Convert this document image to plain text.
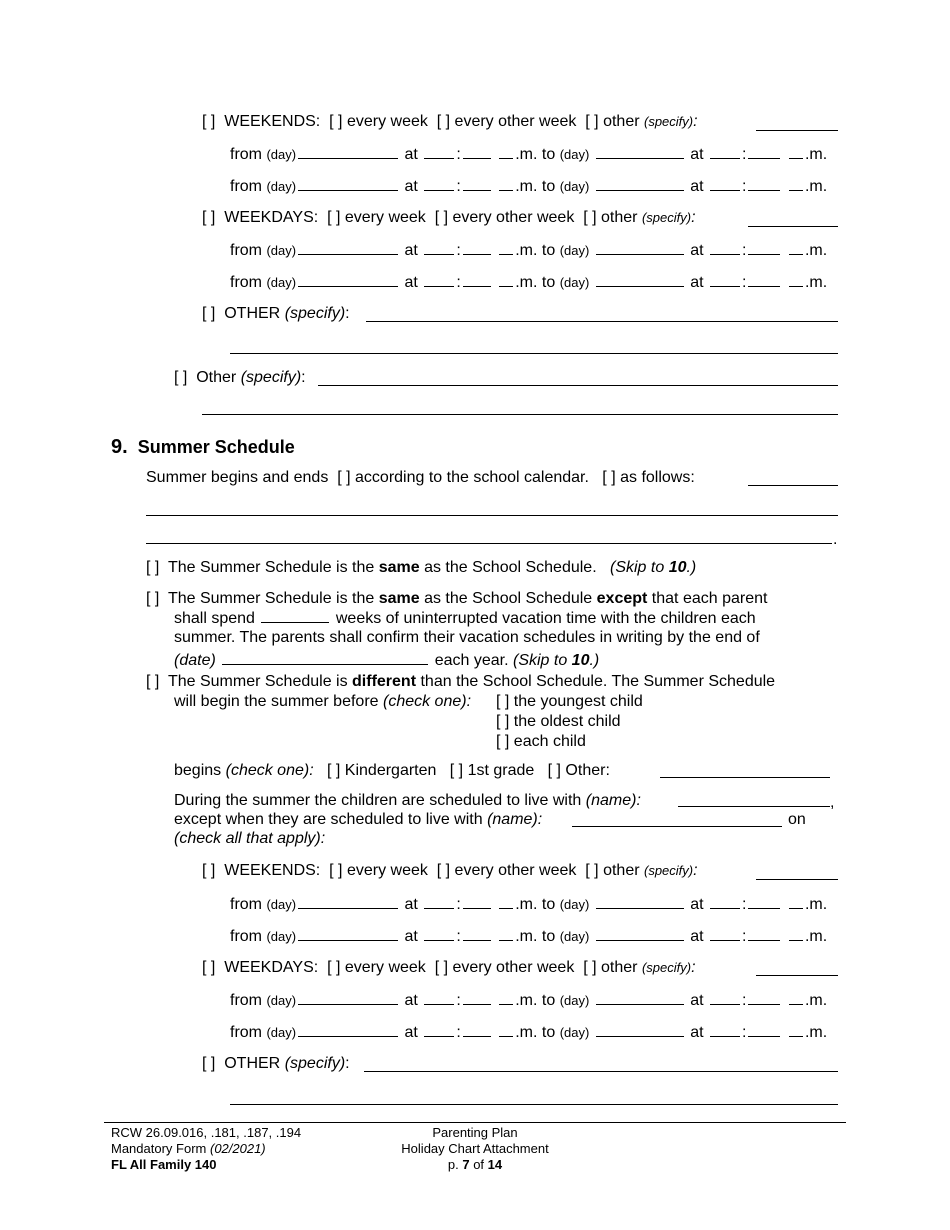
[ ] WEEKENDS: [ ] every week [ ] every other week [ ] other (specify):
from (day)	at :	.m. to (day)	at :	.m.
from (day)	at :	.m. to (day)	at :	.m.
[ ] WEEKDAYS: [ ] every week [ ] every other week [ ] other (specify):
from (day)	at :	.m. to (day)	at :	.m.
from (day)	at :	.m. to (day)	at :	.m.
[ ] OTHER (specify):
[ ] Other (specify):
9. Summer Schedule
Summer begins and ends [ ] according to the school calendar. [ ] as follows:
.
[ ] The Summer Schedule is the same as the School Schedule. (Skip to 10.)
[ ] The Summer Schedule is the same as the School Schedule except that each parent
shall spend	weeks of uninterrupted vacation time with the children each
summer. The parents shall confirm their vacation schedules in writing by the end of
(date)	each year. (Skip to 10.)
[ ] The Summer Schedule is different than the School Schedule. The Summer Schedule
will begin the summer before (check one): [ ] the youngest child
[ ] the oldest child
[ ] each child
begins (check one): [ ] Kindergarten [ ] 1st grade [ ] Other:
During the summer the children are scheduled to live with (name):	,
except when they are scheduled to live with (name):	on
(check all that apply):
[ ] WEEKENDS: [ ] every week [ ] every other week [ ] other (specify):
from (day)	at :	.m. to (day)	at :	.m.
from (day)	at :	.m. to (day)	at :	.m.
[ ] WEEKDAYS: [ ] every week [ ] every other week [ ] other (specify):
from (day)	at :	.m. to (day)	at :	.m.
from (day)	at :	.m. to (day)	at :	.m.
[ ] OTHER (specify):
RCW 26.09.016, .181, .187, .194
Mandatory Form (02/2021)
FL All Family 140
Parenting Plan
Holiday Chart Attachment
p. 7 of 14
